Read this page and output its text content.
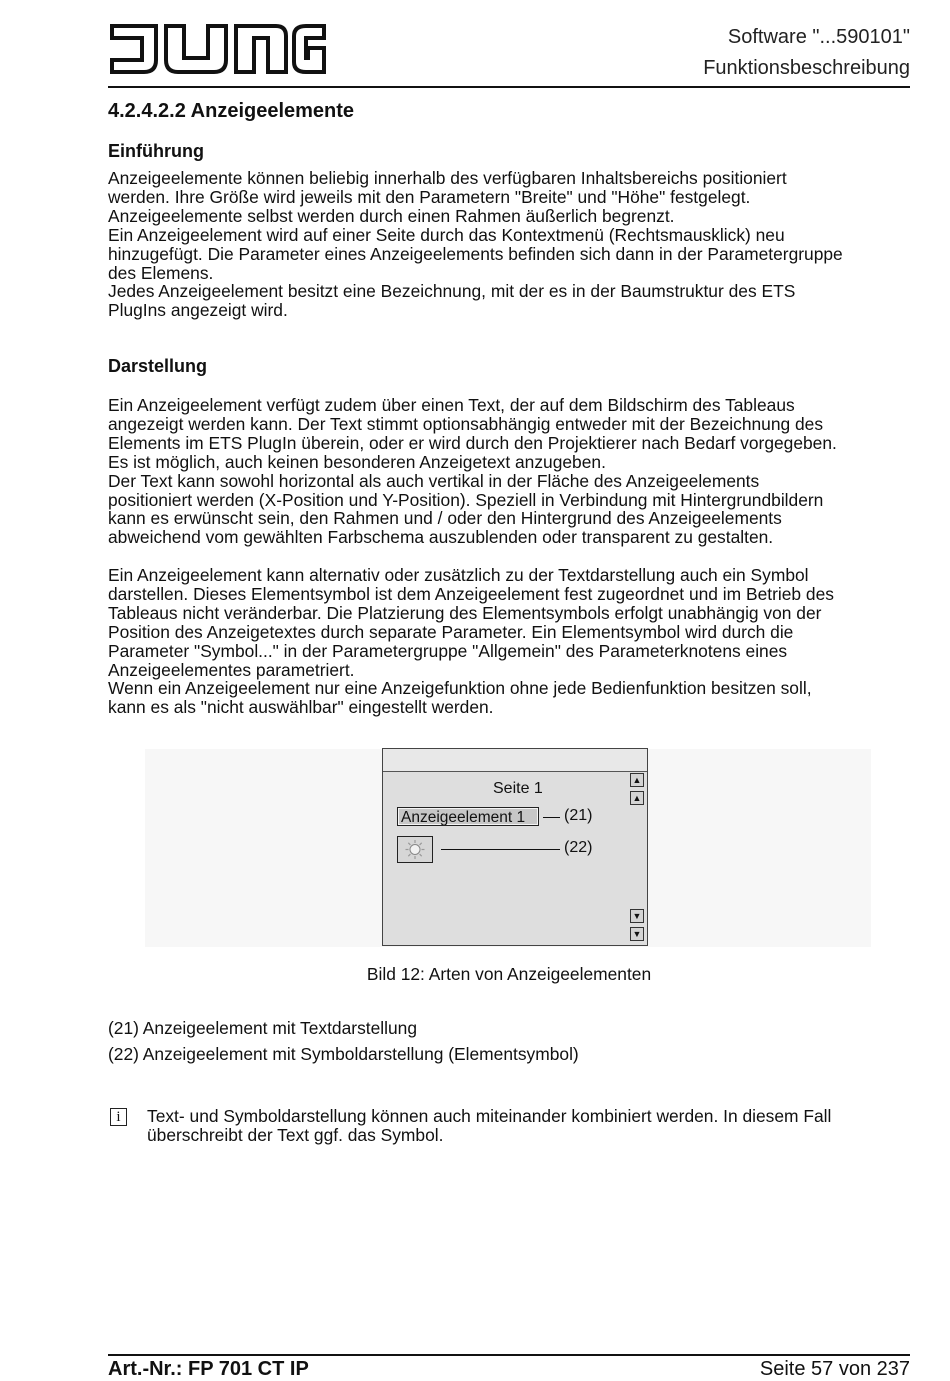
Software "...590101"
Funktionsbeschreibung
4.2.4.2.2 Anzeigeelemente
Einführung
Anzeigeelemente können beliebig innerhalb des verfügbaren Inhaltsbereichs positioniert
werden. Ihre Größe wird jeweils mit den Parametern "Breite" und "Höhe" festgelegt.
Anzeigeelemente selbst werden durch einen Rahmen äußerlich begrenzt.
Ein Anzeigeelement wird auf einer Seite durch das Kontextmenü (Rechtsmausklick) neu
hinzugefügt. Die Parameter eines Anzeigeelements befinden sich dann in der Parametergruppe
des Elemens.
Jedes Anzeigeelement besitzt eine Bezeichnung, mit der es in der Baumstruktur des ETS
PlugIns angezeigt wird.
Darstellung
Ein Anzeigeelement verfügt zudem über einen Text, der auf dem Bildschirm des Tableaus
angezeigt werden kann. Der Text stimmt optionsabhängig entweder mit der Bezeichnung des
Elements im ETS PlugIn überein, oder er wird durch den Projektierer nach Bedarf vorgegeben.
Es ist möglich, auch keinen besonderen Anzeigetext anzugeben.
Der Text kann sowohl horizontal als auch vertikal in der Fläche des Anzeigeelements
positioniert werden (X-Position und Y-Position). Speziell in Verbindung mit Hintergrundbildern
kann es erwünscht sein, den Rahmen und / oder den Hintergrund des Anzeigeelements
abweichend vom gewählten Farbschema auszublenden oder transparent zu gestalten.
Ein Anzeigeelement kann alternativ oder zusätzlich zu der Textdarstellung auch ein Symbol
darstellen. Dieses Elementsymbol ist dem Anzeigeelement fest zugeordnet und im Betrieb des
Tableaus nicht veränderbar. Die Platzierung des Elementsymbols erfolgt unabhängig von der
Position des Anzeigetextes durch separate Parameter. Ein Elementsymbol wird durch die
Parameter "Symbol..." in der Parametergruppe "Allgemein" des Parameterknotens eines
Anzeigeelementes parametriert.
Wenn ein Anzeigeelement nur eine Anzeigefunktion ohne jede Bedienfunktion besitzen soll,
kann es als "nicht auswählbar" eingestellt werden.
Seite 1
Anzeigeelement 1	(21)
(22)
▲
▲
▼
▼
Bild 12: Arten von Anzeigeelementen
(21) Anzeigeelement mit Textdarstellung
(22) Anzeigeelement mit Symboldarstellung (Elementsymbol)
i	Text- und Symboldarstellung können auch miteinander kombiniert werden. In diesem Fall
überschreibt der Text ggf. das Symbol.
Art.-Nr.: FP 701 CT IP	Seite 57 von 237
